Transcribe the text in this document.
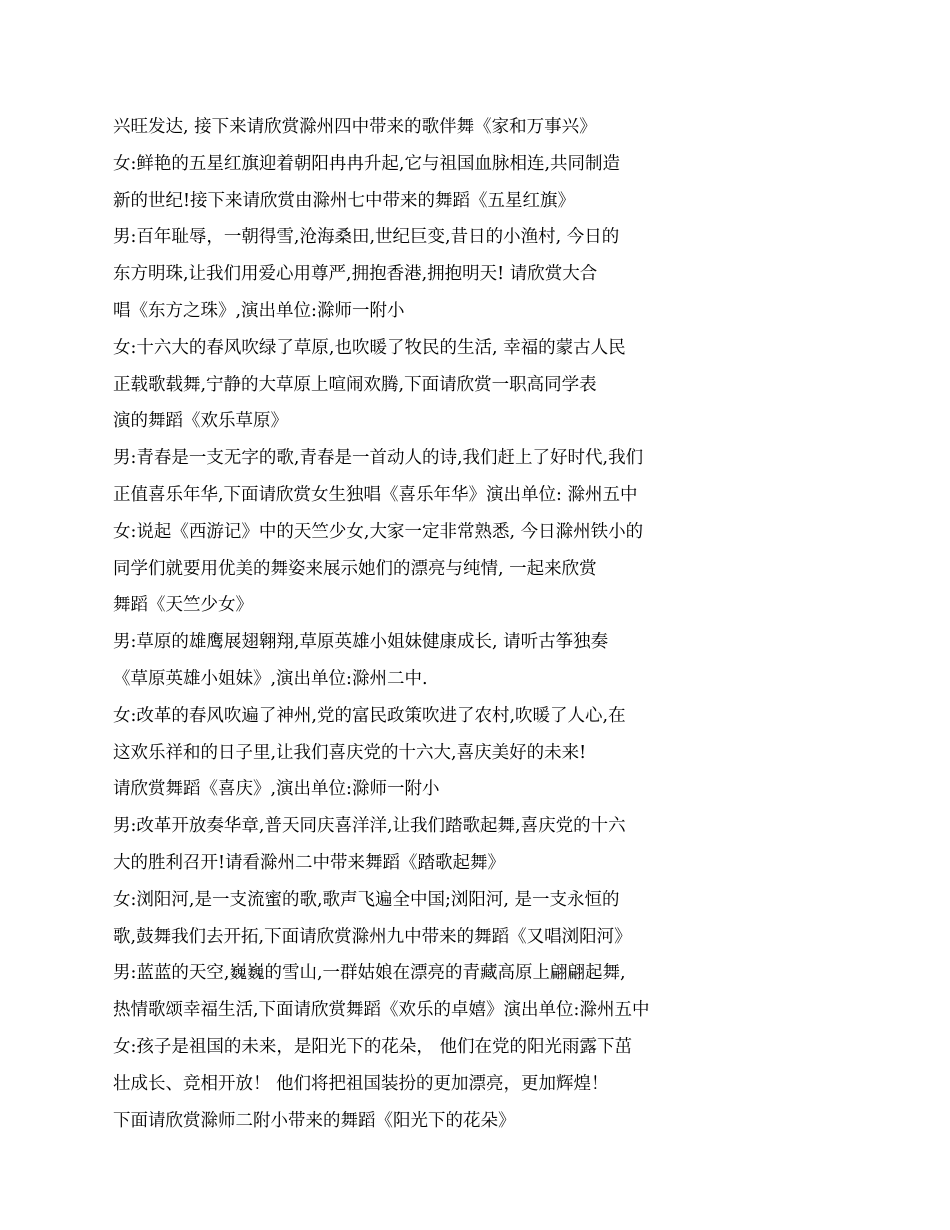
兴旺发达, 接下来请欣赏滁州四中带来的歌伴舞《家和万事兴》
女:鲜艳的五星红旗迎着朝阳冉冉升起,它与祖国血脉相连,共同制造
新的世纪!接下来请欣赏由滁州七中带来的舞蹈《五星红旗》
男:百年耻辱，一朝得雪,沧海桑田,世纪巨变,昔日的小渔村, 今日的
东方明珠,让我们用爱心用尊严,拥抱香港,拥抱明天! 请欣赏大合
唱《东方之珠》,演出单位:滁师一附小
女:十六大的春风吹绿了草原,也吹暖了牧民的生活, 幸福的蒙古人民
正载歌载舞,宁静的大草原上喧闹欢腾,下面请欣赏一职高同学表
演的舞蹈《欢乐草原》
男:青春是一支无字的歌,青春是一首动人的诗,我们赶上了好时代,我们
正值喜乐年华,下面请欣赏女生独唱《喜乐年华》演出单位: 滁州五中
女:说起《西游记》中的天竺少女,大家一定非常熟悉, 今日滁州铁小的
同学们就要用优美的舞姿来展示她们的漂亮与纯情, 一起来欣赏
舞蹈《天竺少女》
男:草原的雄鹰展翅翱翔,草原英雄小姐妹健康成长, 请听古筝独奏
《草原英雄小姐妹》,演出单位:滁州二中.
女:改革的春风吹遍了神州,党的富民政策吹进了农村,吹暖了人心,在
这欢乐祥和的日子里,让我们喜庆党的十六大,喜庆美好的未来!
请欣赏舞蹈《喜庆》,演出单位:滁师一附小
男:改革开放奏华章,普天同庆喜洋洋,让我们踏歌起舞,喜庆党的十六
大的胜利召开!请看滁州二中带来舞蹈《踏歌起舞》
女:浏阳河,是一支流蜜的歌,歌声飞遍全中国;浏阳河, 是一支永恒的
歌,鼓舞我们去开拓,下面请欣赏滁州九中带来的舞蹈《又唱浏阳河》
男:蓝蓝的天空,巍巍的雪山,一群姑娘在漂亮的青藏高原上翩翩起舞,
热情歌颂幸福生活,下面请欣赏舞蹈《欢乐的卓嬉》演出单位:滁州五中
女:孩子是祖国的未来，是阳光下的花朵， 他们在党的阳光雨露下茁
壮成长、竞相开放！ 他们将把祖国装扮的更加漂亮，更加辉煌！
下面请欣赏滁师二附小带来的舞蹈《阳光下的花朵》
